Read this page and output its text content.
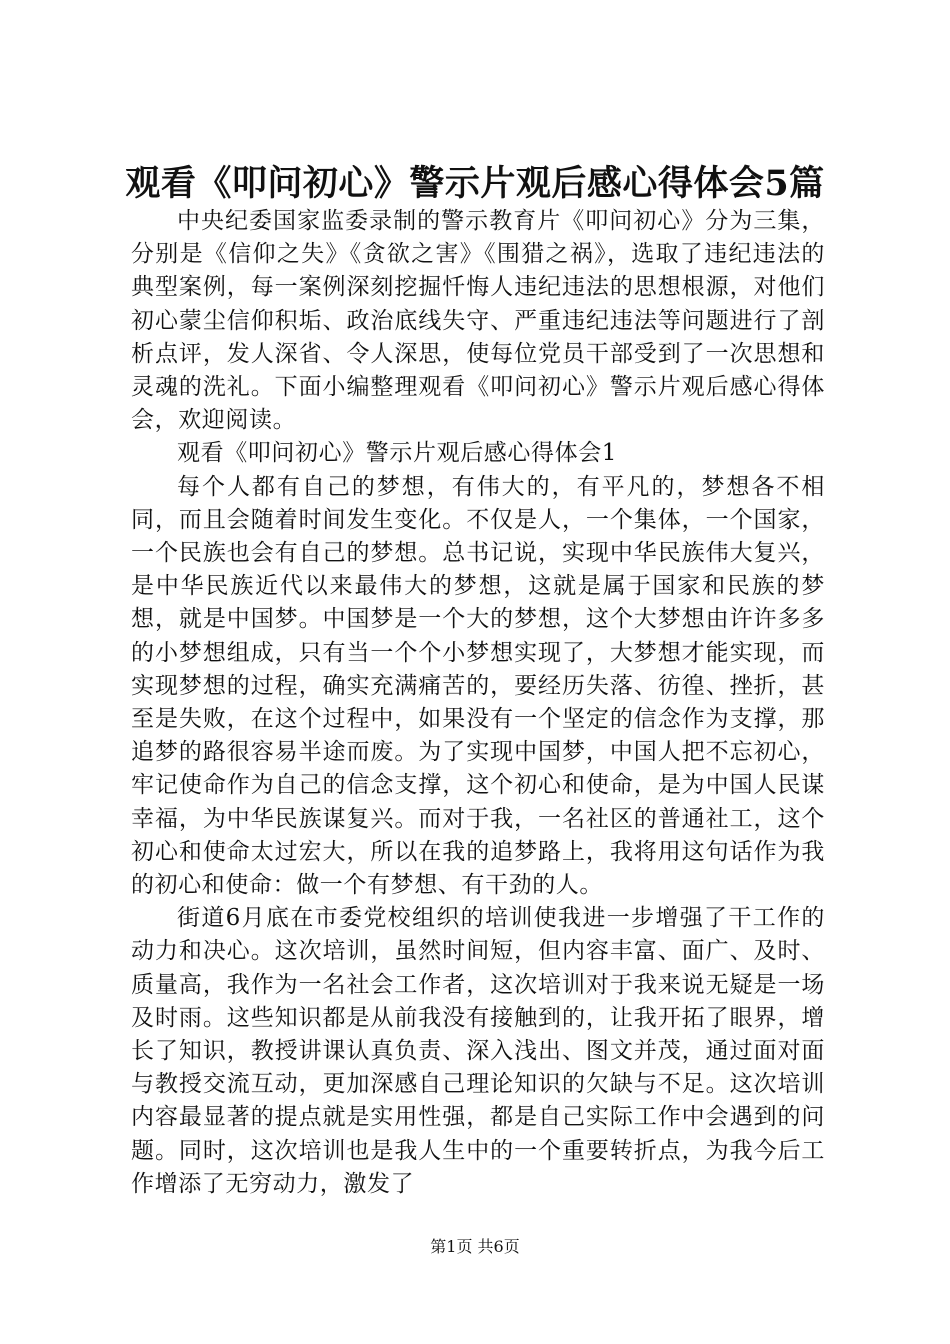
观看《叩问初心》警示片观后感心得体会5篇

中央纪委国家监委录制的警示教育片《叩问初心》分为三集，分别是《信仰之失》《贪欲之害》《围猎之祸》，选取了违纪违法的典型案例，每一案例深刻挖掘忏悔人违纪违法的思想根源，对他们初心蒙尘信仰积垢、政治底线失守、严重违纪违法等问题进行了剖析点评，发人深省、令人深思，使每位党员干部受到了一次思想和灵魂的洗礼。下面小编整理观看《叩问初心》警示片观后感心得体会，欢迎阅读。

观看《叩问初心》警示片观后感心得体会1

每个人都有自己的梦想，有伟大的，有平凡的，梦想各不相同，而且会随着时间发生变化。不仅是人，一个集体，一个国家，一个民族也会有自己的梦想。总书记说，实现中华民族伟大复兴，是中华民族近代以来最伟大的梦想，这就是属于国家和民族的梦想，就是中国梦。中国梦是一个大的梦想，这个大梦想由许许多多的小梦想组成，只有当一个个小梦想实现了，大梦想才能实现，而实现梦想的过程，确实充满痛苦的，要经历失落、彷徨、挫折，甚至是失败，在这个过程中，如果没有一个坚定的信念作为支撑，那追梦的路很容易半途而废。为了实现中国梦，中国人把不忘初心，牢记使命作为自己的信念支撑，这个初心和使命，是为中国人民谋幸福，为中华民族谋复兴。而对于我，一名社区的普通社工，这个初心和使命太过宏大，所以在我的追梦路上，我将用这句话作为我的初心和使命：做一个有梦想、有干劲的人。

街道6月底在市委党校组织的培训使我进一步增强了干工作的动力和决心。这次培训，虽然时间短，但内容丰富、面广、及时、质量高，我作为一名社会工作者，这次培训对于我来说无疑是一场及时雨。这些知识都是从前我没有接触到的，让我开拓了眼界，增长了知识，教授讲课认真负责、深入浅出、图文并茂，通过面对面与教授交流互动，更加深感自己理论知识的欠缺与不足。这次培训内容最显著的提点就是实用性强，都是自己实际工作中会遇到的问题。同时，这次培训也是我人生中的一个重要转折点，为我今后工作增添了无穷动力，激发了

第1页 共6页
